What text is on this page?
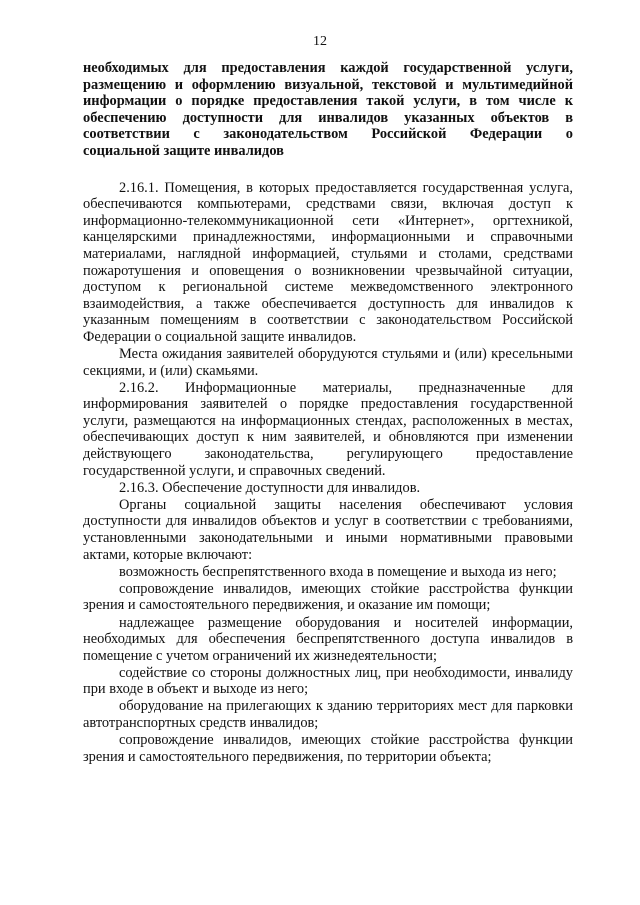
12

необходимых для предоставления каждой государственной услуги,
размещению и оформлению визуальной, текстовой и мультимедийной
информации о порядке предоставления такой услуги, в том числе к
обеспечению доступности для инвалидов указанных объектов в
соответствии с законодательством Российской Федерации о
социальной защите инвалидов

2.16.1. Помещения, в которых предоставляется государственная услуга, обеспечиваются компьютерами, средствами связи, включая доступ к информационно-телекоммуникационной сети «Интернет», оргтехникой, канцелярскими принадлежностями, информационными и справочными материалами, наглядной информацией, стульями и столами, средствами пожаротушения и оповещения о возникновении чрезвычайной ситуации, доступом к региональной системе межведомственного электронного взаимодействия, а также обеспечивается доступность для инвалидов к указанным помещениям в соответствии с законодательством Российской Федерации о социальной защите инвалидов.

Места ожидания заявителей оборудуются стульями и (или) кресельными секциями, и (или) скамьями.

2.16.2. Информационные материалы, предназначенные для информирования заявителей о порядке предоставления государственной услуги, размещаются на информационных стендах, расположенных в местах, обеспечивающих доступ к ним заявителей, и обновляются при изменении действующего законодательства, регулирующего предоставление государственной услуги, и справочных сведений.

2.16.3. Обеспечение доступности для инвалидов.

Органы социальной защиты населения обеспечивают условия доступности для инвалидов объектов и услуг в соответствии с требованиями, установленными законодательными и иными нормативными правовыми актами, которые включают:

возможность беспрепятственного входа в помещение и выхода из него;

сопровождение инвалидов, имеющих стойкие расстройства функции зрения и самостоятельного передвижения, и оказание им помощи;

надлежащее размещение оборудования и носителей информации, необходимых для обеспечения беспрепятственного доступа инвалидов в помещение с учетом ограничений их жизнедеятельности;

содействие со стороны должностных лиц, при необходимости, инвалиду при входе в объект и выходе из него;

оборудование на прилегающих к зданию территориях мест для парковки автотранспортных средств инвалидов;

сопровождение инвалидов, имеющих стойкие расстройства функции зрения и самостоятельного передвижения, по территории объекта;
